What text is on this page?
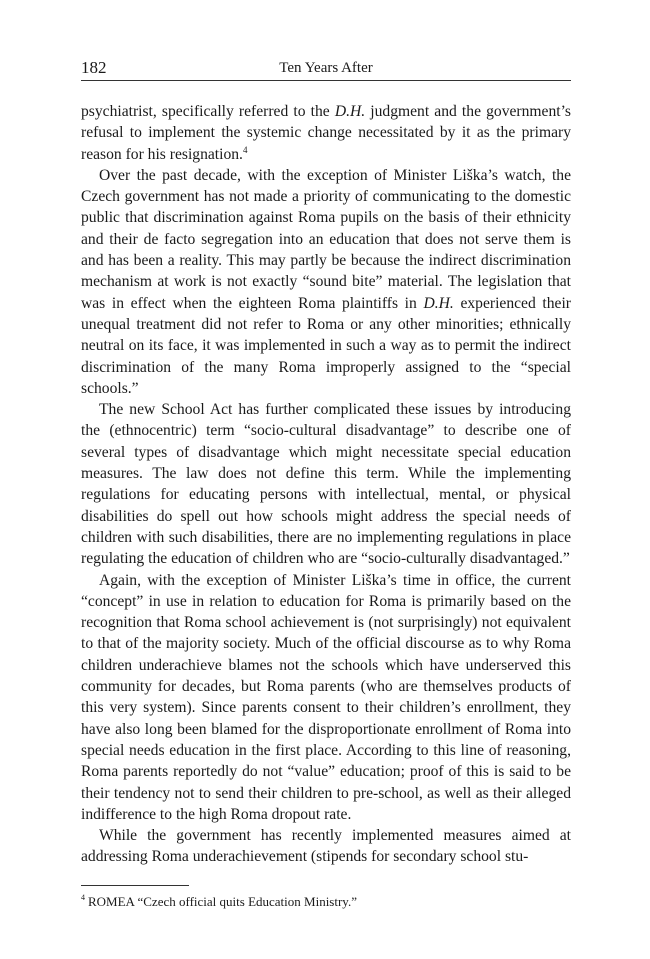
182	Ten Years After

psychiatrist, specifically referred to the D.H. judgment and the government’s refusal to implement the systemic change necessitated by it as the primary reason for his resignation.$^4$

Over the past decade, with the exception of Minister Liška’s watch, the Czech government has not made a priority of communicating to the domestic public that discrimination against Roma pupils on the basis of their ethnicity and their de facto segregation into an education that does not serve them is and has been a reality. This may partly be because the indirect discrimination mechanism at work is not exactly “sound bite” material. The legislation that was in effect when the eighteen Roma plaintiffs in D.H. experienced their unequal treatment did not refer to Roma or any other minorities; ethnically neutral on its face, it was implemented in such a way as to permit the indirect discrimination of the many Roma improperly assigned to the “special schools.”

The new School Act has further complicated these issues by introducing the (ethnocentric) term “socio-cultural disadvantage” to describe one of several types of disadvantage which might necessitate special education measures. The law does not define this term. While the implementing regulations for educating persons with intellectual, mental, or physical disabilities do spell out how schools might address the special needs of children with such disabilities, there are no implementing regulations in place regulating the education of children who are “socio-culturally disadvantaged.”

Again, with the exception of Minister Liška’s time in office, the current “concept” in use in relation to education for Roma is primarily based on the recognition that Roma school achievement is (not surprisingly) not equivalent to that of the majority society. Much of the official discourse as to why Roma children underachieve blames not the schools which have underserved this community for decades, but Roma parents (who are themselves products of this very system). Since parents consent to their children’s enrollment, they have also long been blamed for the disproportionate enrollment of Roma into special needs education in the first place. According to this line of reasoning, Roma parents reportedly do not “value” education; proof of this is said to be their tendency not to send their children to pre-school, as well as their alleged indifference to the high Roma dropout rate.

While the government has recently implemented measures aimed at addressing Roma underachievement (stipends for secondary school stu-

$^4$ ROMEA “Czech official quits Education Ministry.”
